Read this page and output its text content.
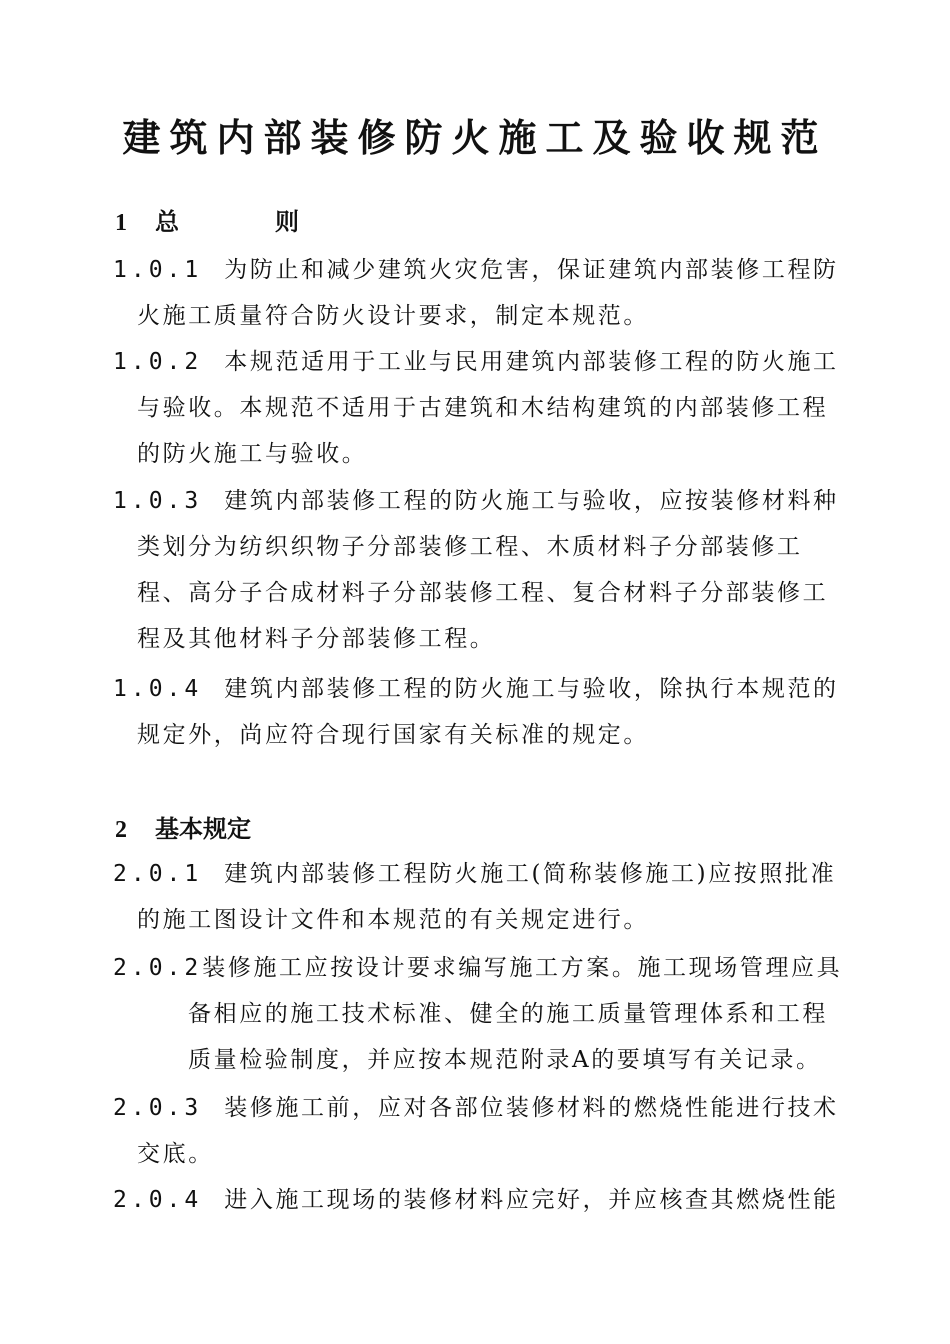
建筑内部装修防火施工及验收规范
1 总　则
1.0.1 为防止和减少建筑火灾危害，保证建筑内部装修工程防
火施工质量符合防火设计要求，制定本规范。
1.0.2 本规范适用于工业与民用建筑内部装修工程的防火施工
与验收。本规范不适用于古建筑和木结构建筑的内部装修工程
的防火施工与验收。
1.0.3 建筑内部装修工程的防火施工与验收，应按装修材料种
类划分为纺织织物子分部装修工程、木质材料子分部装修工
程、高分子合成材料子分部装修工程、复合材料子分部装修工
程及其他材料子分部装修工程。
1.0.4 建筑内部装修工程的防火施工与验收，除执行本规范的
规定外，尚应符合现行国家有关标准的规定。
2 基本规定
2.0.1 建筑内部装修工程防火施工(简称装修施工)应按照批准
的施工图设计文件和本规范的有关规定进行。
2.0.2装修施工应按设计要求编写施工方案。施工现场管理应具
备相应的施工技术标准、健全的施工质量管理体系和工程
质量检验制度，并应按本规范附录A的要填写有关记录。
2.0.3 装修施工前，应对各部位装修材料的燃烧性能进行技术
交底。
2.0.4 进入施工现场的装修材料应完好，并应核查其燃烧性能
